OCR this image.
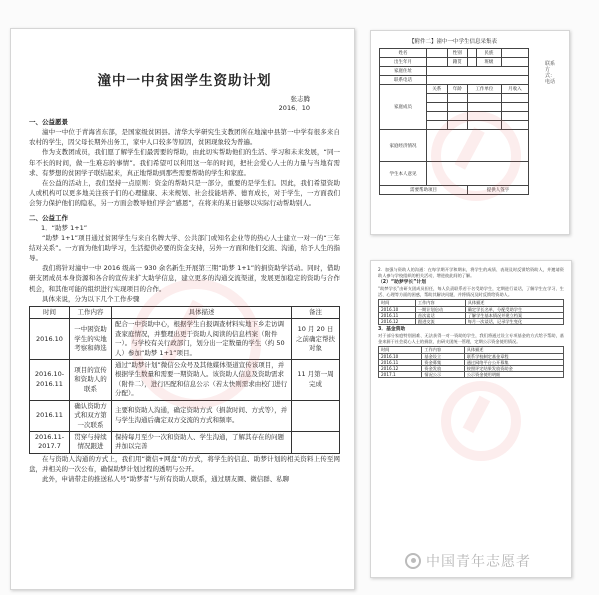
潼中一中贫困学生资助计划
张志腾
2016．10
一、公益愿景

潼中一中位于青海省东部，是国家级贫困县。清华大学研究生支教团所在地潼中县第一中学有很多来自农村的学生，因父母长期外出务工，家中人口较多等原因，贫困现象较为普遍。

作为支教团成员，我们愿了解学生们最需要的帮助，由此切实帮助他们的生活、学习和未来发展，“同一年不长的时间，做一生难忘的事情”。我们希望可以利用这一年的时间，把社会爱心人士的力量与当地有需求、有梦想的贫困学子联结起来，真正地帮助到那些需要帮助的学生和家庭。

在公益的活动上，我们坚持一点原则：资金的帮助只是一部分，重要的是学生们。因此，我们希望资助人或机构可以更多地关注孩子们的心理健康、未来规划、社会技能培养、德育成长，对于学生，一方面我们会努力保护他们的隐私，另一方面会教导他们学会“感恩”，在将来的某日能够以实际行动帮助别人。

二、公益工作
1．“助梦 1+1”

“助梦 1+1”项目通过贫困学生与来自名牌大学、公共部门或知名企业等的热心人士建立一对一的“三年结对关系”。一方面为他们助学习，生活提供必要的资金支持，另外一方面和他们交流、沟通，给予人生的指导。

我们将针对潼中一中 2016 级高一 930 余名新生开展第三期“助梦 1+1”的捐资助学活动。同时，借助研支团成员本身资源和各合的宣传来扩大助学信息，建立更多的沟通交流渠道，发展更加稳定的资助与合作机会，和其他可能的组织进行实现项目的合作。

具体来说，分为以下几个工作步骤

时间	工作内容	具体描述	备注
2016.10	一中困资助学生的实地考察和筛选	配合一中资助中心，根据学生自报调查材料实地下乡走访调查家庭情况，并整理出更于资助人阅读的信息档案（附件一）。与学校有关行政部门，划分出一定数量的学生（约 50 人）参加“助梦 1+1”项目。	10 月 20 日之前确定帮扶对象
2016.10-2016.11	项目的宣传和资助人的联系	通过“助梦计划”微信公众号及其他媒体渠道宣传该项目，并根据学生数量和需要一期资助人。该资助人信息及资助需求（附件二），进行匹配和信息公示（若太快则需求由校门进行分配）。	11 月第一周完成
2016.11	确认资助方式和双方第一次联系	主要和资助人沟通，确定资助方式（捐款时间、方式等），并与学生沟通后确定双方交流的方式和频率。	
2016.11-2017.7	贯穿与持续情况跟进	保持每月至少一次和资助人、学生沟通，了解其存在的问题并加以完善	

在与资助人沟通的方式上，我们用“微信+网盘”的方式，将学生的信息、助梦计划的相关资料上传至网盘，并相关的一次公布，确保助梦计划过程的透明与公开。

此外，申请带走的推送私人号“助梦者”与所有资助人联系，通过朋友圈、微信群、私聊

【附件二】潼中一中学生信息采集表
姓名		性别		民族	
出生年月		籍贯		班级	
家庭住址					
联系电话					
家庭成员	关系	年龄	工作单位		月收入

家庭经济情况					
学生本人意见					
需要帮助项目			提供人签字		
联系方式：电话

2．加强与资助人的沟通：在每学期开学和期末，将学生的成绩、表现及时反馈给资助人，并邀请资助人参与学校组织的相关活动，增进彼此间的了解。

（2）“助梦学长”计划

“助梦学长”由研支团成员担任，每人负责联系若干名受助学生，定期进行谈话，了解学生在学习、生活、心理等方面的困惑，帮助其解决问题，并将情况及时反馈给资助人。

时间	工作内容	具体描述
2016.10	一期计划启动	确定学长名单，分配受助学生
2016.11	首次谈话	了解学生基本情况并建立档案
2016.12	跟进交流	每月一次谈话，记录学生变化
3．基金资助

对于部分家庭特别困难、无法获得一对一资助的学生，我们将通过设立专项基金的方式给予帮助，基金来源于社会爱心人士的捐款，由研支团统一管理，定期公示资金使用情况。

时间	工作内容	具体描述
2016.10	基金设立	联系学校制定基金章程
2016.11	资金募集	通过网络平台公开募集
2016.12	资金发放	按照评定结果发放资助金
2017.1	情况公示	公示资金使用明细
中国青年志愿者
